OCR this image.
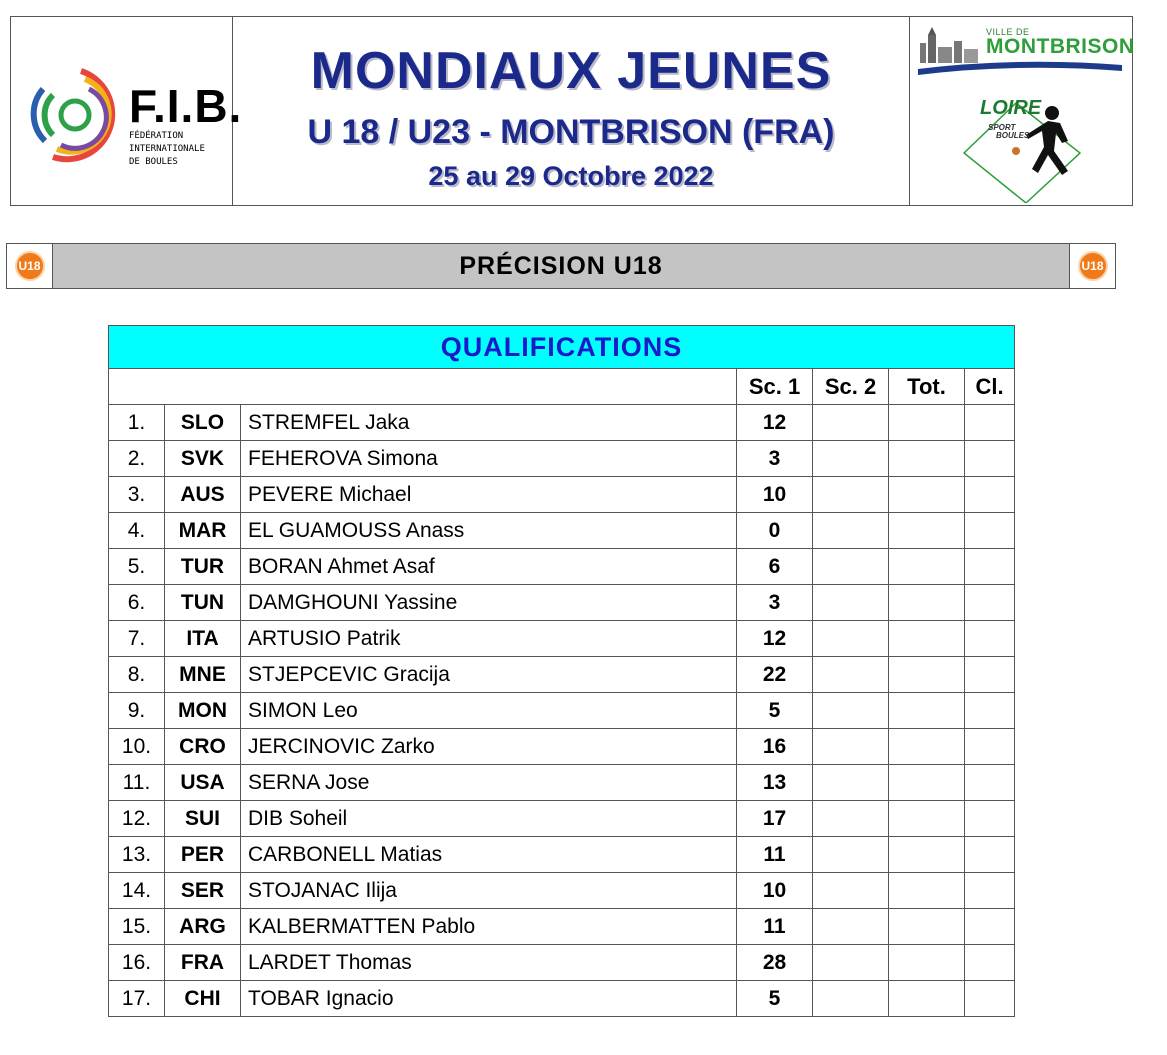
F.I.B.
FÉDÉRATION
INTERNATIONALE
DE BOULES
MONDIAUX JEUNES
U 18 / U23 - MONTBRISON (FRA)
25 au 29 Octobre 2022
VILLE DE
MONTBRISON
LOIRE
SPORT
BOULES
U18	PRÉCISION U18	U18
QUALIFICATIONS						
			Sc. 1	Sc. 2	Tot.	Cl.
1.	SLO	STREMFEL Jaka	12			
2.	SVK	FEHEROVA Simona	3			
3.	AUS	PEVERE Michael	10			
4.	MAR	EL GUAMOUSS Anass	0			
5.	TUR	BORAN Ahmet Asaf	6			
6.	TUN	DAMGHOUNI Yassine	3			
7.	ITA	ARTUSIO Patrik	12			
8.	MNE	STJEPCEVIC Gracija	22			
9.	MON	SIMON Leo	5			
10.	CRO	JERCINOVIC Zarko	16			
11.	USA	SERNA Jose	13			
12.	SUI	DIB Soheil	17			
13.	PER	CARBONELL Matias	11			
14.	SER	STOJANAC Ilija	10			
15.	ARG	KALBERMATTEN Pablo	11			
16.	FRA	LARDET Thomas	28			
17.	CHI	TOBAR Ignacio	5			
